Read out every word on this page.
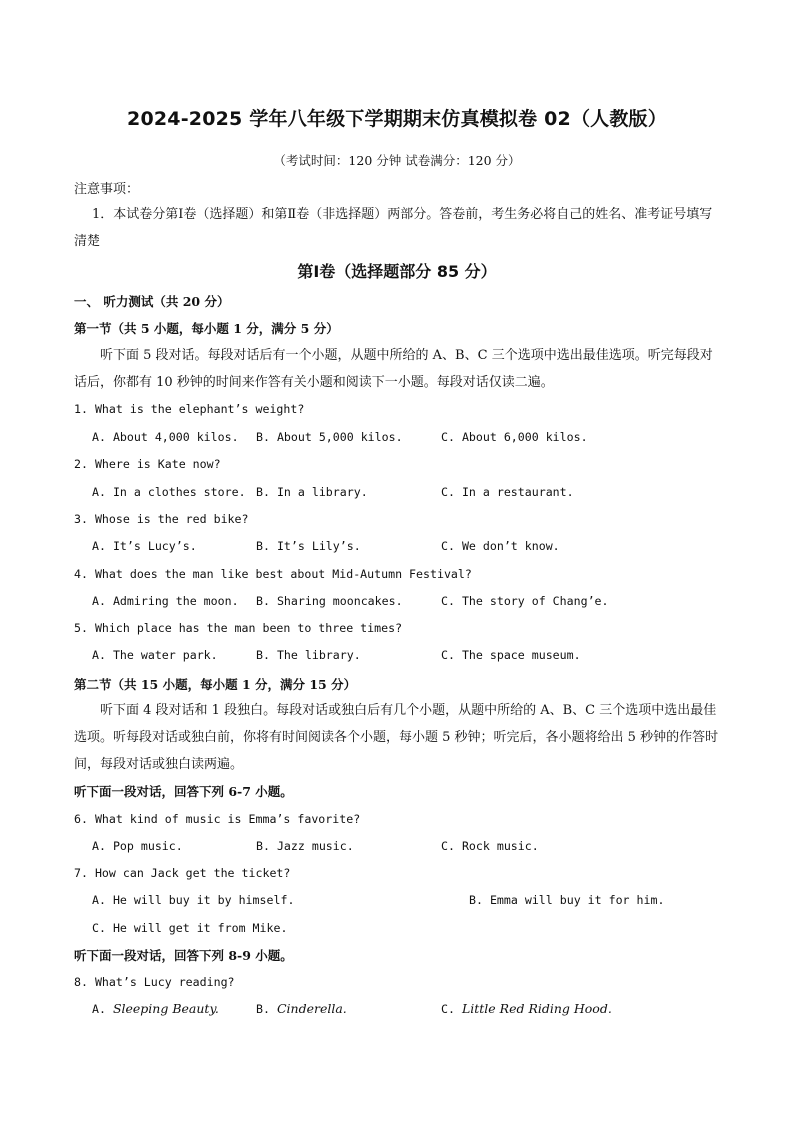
2024-2025 学年八年级下学期期末仿真模拟卷 02（人教版）
（考试时间：120 分钟 试卷满分：120 分）
注意事项：
1．本试卷分第Ⅰ卷（选择题）和第Ⅱ卷（非选择题）两部分。答卷前，考生务必将自己的姓名、准考证号填写清楚
第Ⅰ卷（选择题部分 85 分）
一、 听力测试（共 20 分）
第一节（共 5 小题，每小题 1 分，满分 5 分）
听下面 5 段对话。每段对话后有一个小题，从题中所给的 A、B、C 三个选项中选出最佳选项。听完每段对话后，你都有 10 秒钟的时间来作答有关小题和阅读下一小题。每段对话仅读二遍。
1. What is the elephant’s weight?
A. About 4,000 kilos. B. About 5,000 kilos.	C. About 6,000 kilos.
2. Where is Kate now?
A. In a clothes store. B. In a library.	C. In a restaurant.
3. Whose is the red bike?
A. It’s Lucy’s.	B. It’s Lily’s.	C. We don’t know.
4. What does the man like best about Mid-Autumn Festival?
A. Admiring the moon. B. Sharing mooncakes.	C. The story of Chang’e.
5. Which place has the man been to three times?
A. The water park.	B. The library.	C. The space museum.
第二节（共 15 小题，每小题 1 分，满分 15 分）
听下面 4 段对话和 1 段独白。每段对话或独白后有几个小题，从题中所给的 A、B、C 三个选项中选出最佳选项。听每段对话或独白前，你将有时间阅读各个小题，每小题 5 秒钟；听完后，各小题将给出 5 秒钟的作答时间，每段对话或独白读两遍。
听下面一段对话，回答下列 6-7 小题。
6. What kind of music is Emma’s favorite?
A. Pop music.	B. Jazz music.	C. Rock music.
7. How can Jack get the ticket?
A. He will buy it by himself.	B. Emma will buy it for him.
C. He will get it from Mike.
听下面一段对话，回答下列 8-9 小题。
8. What’s Lucy reading?
A. Sleeping Beauty.	B. Cinderella.	C. Little Red Riding Hood.
